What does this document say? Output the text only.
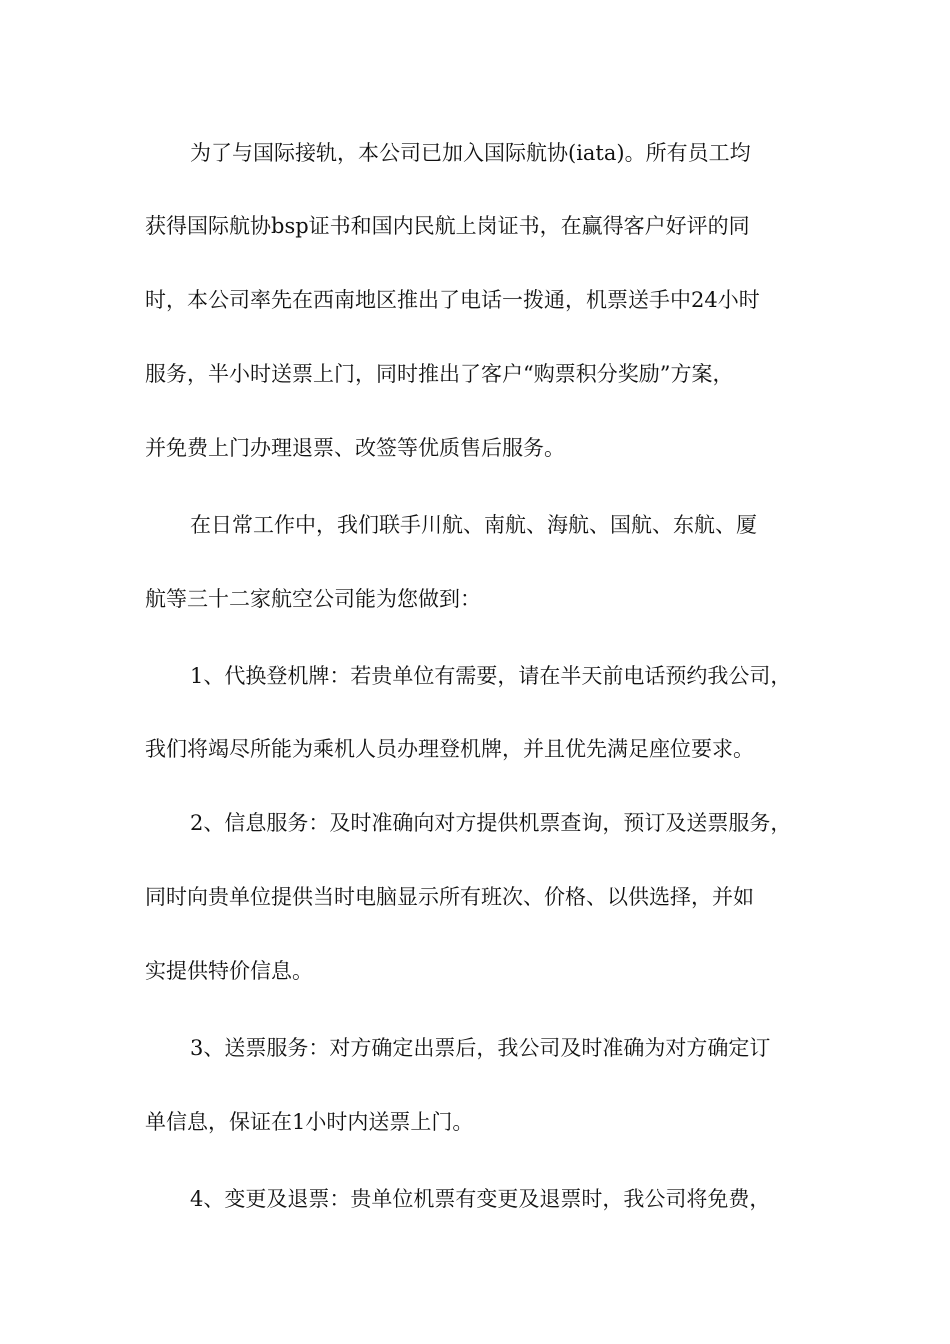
为了与国际接轨，本公司已加入国际航协(iata)。所有员工均

获得国际航协bsp证书和国内民航上岗证书，在赢得客户好评的同

时，本公司率先在西南地区推出了电话一拨通，机票送手中24小时

服务，半小时送票上门，同时推出了客户“购票积分奖励”方案，

并免费上门办理退票、改签等优质售后服务。

在日常工作中，我们联手川航、南航、海航、国航、东航、厦

航等三十二家航空公司能为您做到：

1、代换登机牌：若贵单位有需要，请在半天前电话预约我公司，

我们将竭尽所能为乘机人员办理登机牌，并且优先满足座位要求。

2、信息服务：及时准确向对方提供机票查询，预订及送票服务，

同时向贵单位提供当时电脑显示所有班次、价格、以供选择，并如

实提供特价信息。

3、送票服务：对方确定出票后，我公司及时准确为对方确定订

单信息，保证在1小时内送票上门。

4、变更及退票：贵单位机票有变更及退票时，我公司将免费，
